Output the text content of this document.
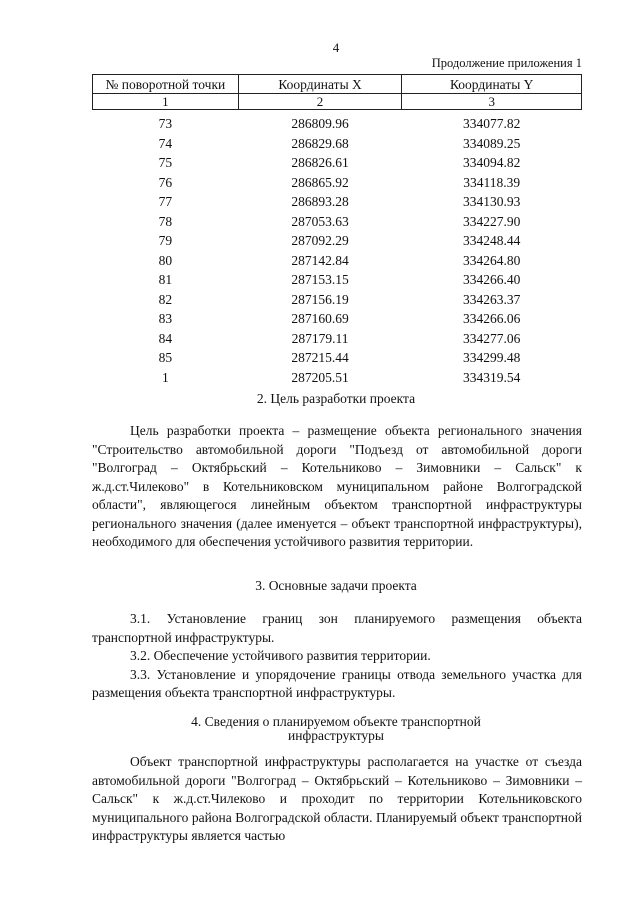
4
Продолжение приложения 1
№ поворотной точки	Координаты X	Координаты Y
1	2	3
73	286809.96	334077.82
74	286829.68	334089.25
75	286826.61	334094.82
76	286865.92	334118.39
77	286893.28	334130.93
78	287053.63	334227.90
79	287092.29	334248.44
80	287142.84	334264.80
81	287153.15	334266.40
82	287156.19	334263.37
83	287160.69	334266.06
84	287179.11	334277.06
85	287215.44	334299.48
1	287205.51	334319.54
2. Цель разработки проекта

Цель разработки проекта – размещение объекта регионального значения "Строительство автомобильной дороги "Подъезд от автомобильной дороги "Волгоград – Октябрьский – Котельниково – Зимовники – Сальск" к ж.д.ст.Чилеково" в Котельниковском муниципальном районе Волгоградской области", являющегося линейным объектом транспортной инфраструктуры регионального значения (далее именуется – объект транспортной инфраструктуры), необходимого для обеспечения устойчивого развития территории.

3. Основные задачи проекта

3.1. Установление границ зон планируемого размещения объекта транспортной инфраструктуры.

3.2. Обеспечение устойчивого развития территории.

3.3. Установление и упорядочение границы отвода земельного участка для размещения объекта транспортной инфраструктуры.

4. Сведения о планируемом объекте транспортной
инфраструктуры

Объект транспортной инфраструктуры располагается на участке от съезда автомобильной дороги "Волгоград – Октябрьский – Котельниково – Зимовники – Сальск" к ж.д.ст.Чилеково и проходит по территории Котельниковского муниципального района Волгоградской области. Планируемый объект транспортной инфраструктуры является частью
